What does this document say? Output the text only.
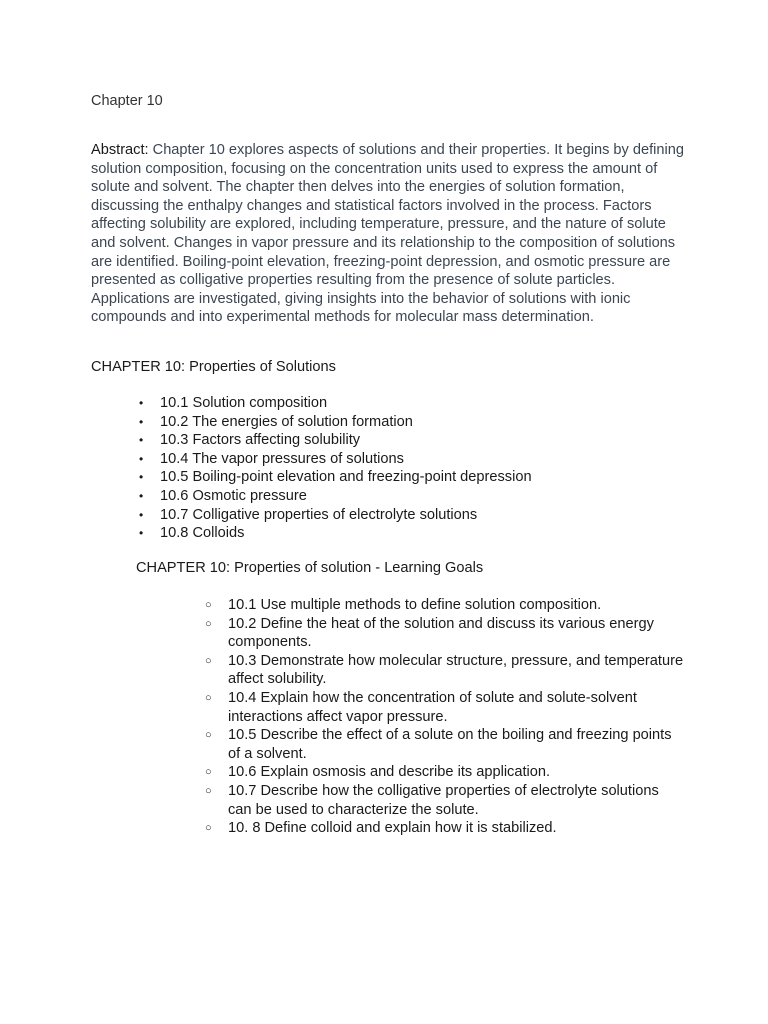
Chapter 10

Abstract: Chapter 10 explores aspects of solutions and their properties. It begins by defining solution composition, focusing on the concentration units used to express the amount of solute and solvent. The chapter then delves into the energies of solution formation, discussing the enthalpy changes and statistical factors involved in the process. Factors affecting solubility are explored, including temperature, pressure, and the nature of solute and solvent. Changes in vapor pressure and its relationship to the composition of solutions are identified. Boiling-point elevation, freezing-point depression, and osmotic pressure are presented as colligative properties resulting from the presence of solute particles. Applications are investigated, giving insights into the behavior of solutions with ionic compounds and into experimental methods for molecular mass determination.

CHAPTER 10: Properties of Solutions
• 10.1 Solution composition
• 10.2 The energies of solution formation
• 10.3 Factors affecting solubility
• 10.4 The vapor pressures of solutions
• 10.5 Boiling-point elevation and freezing-point depression
• 10.6 Osmotic pressure
• 10.7 Colligative properties of electrolyte solutions
• 10.8 Colloids
CHAPTER 10: Properties of solution - Learning Goals
○ 10.1 Use multiple methods to define solution composition.
○ 10.2 Define the heat of the solution and discuss its various energy components.
○ 10.3 Demonstrate how molecular structure, pressure, and temperature affect solubility.
○ 10.4 Explain how the concentration of solute and solute-solvent interactions affect vapor pressure.
○ 10.5 Describe the effect of a solute on the boiling and freezing points of a solvent.
○ 10.6 Explain osmosis and describe its application.
○ 10.7 Describe how the colligative properties of electrolyte solutions can be used to characterize the solute.
○ 10. 8 Define colloid and explain how it is stabilized.
